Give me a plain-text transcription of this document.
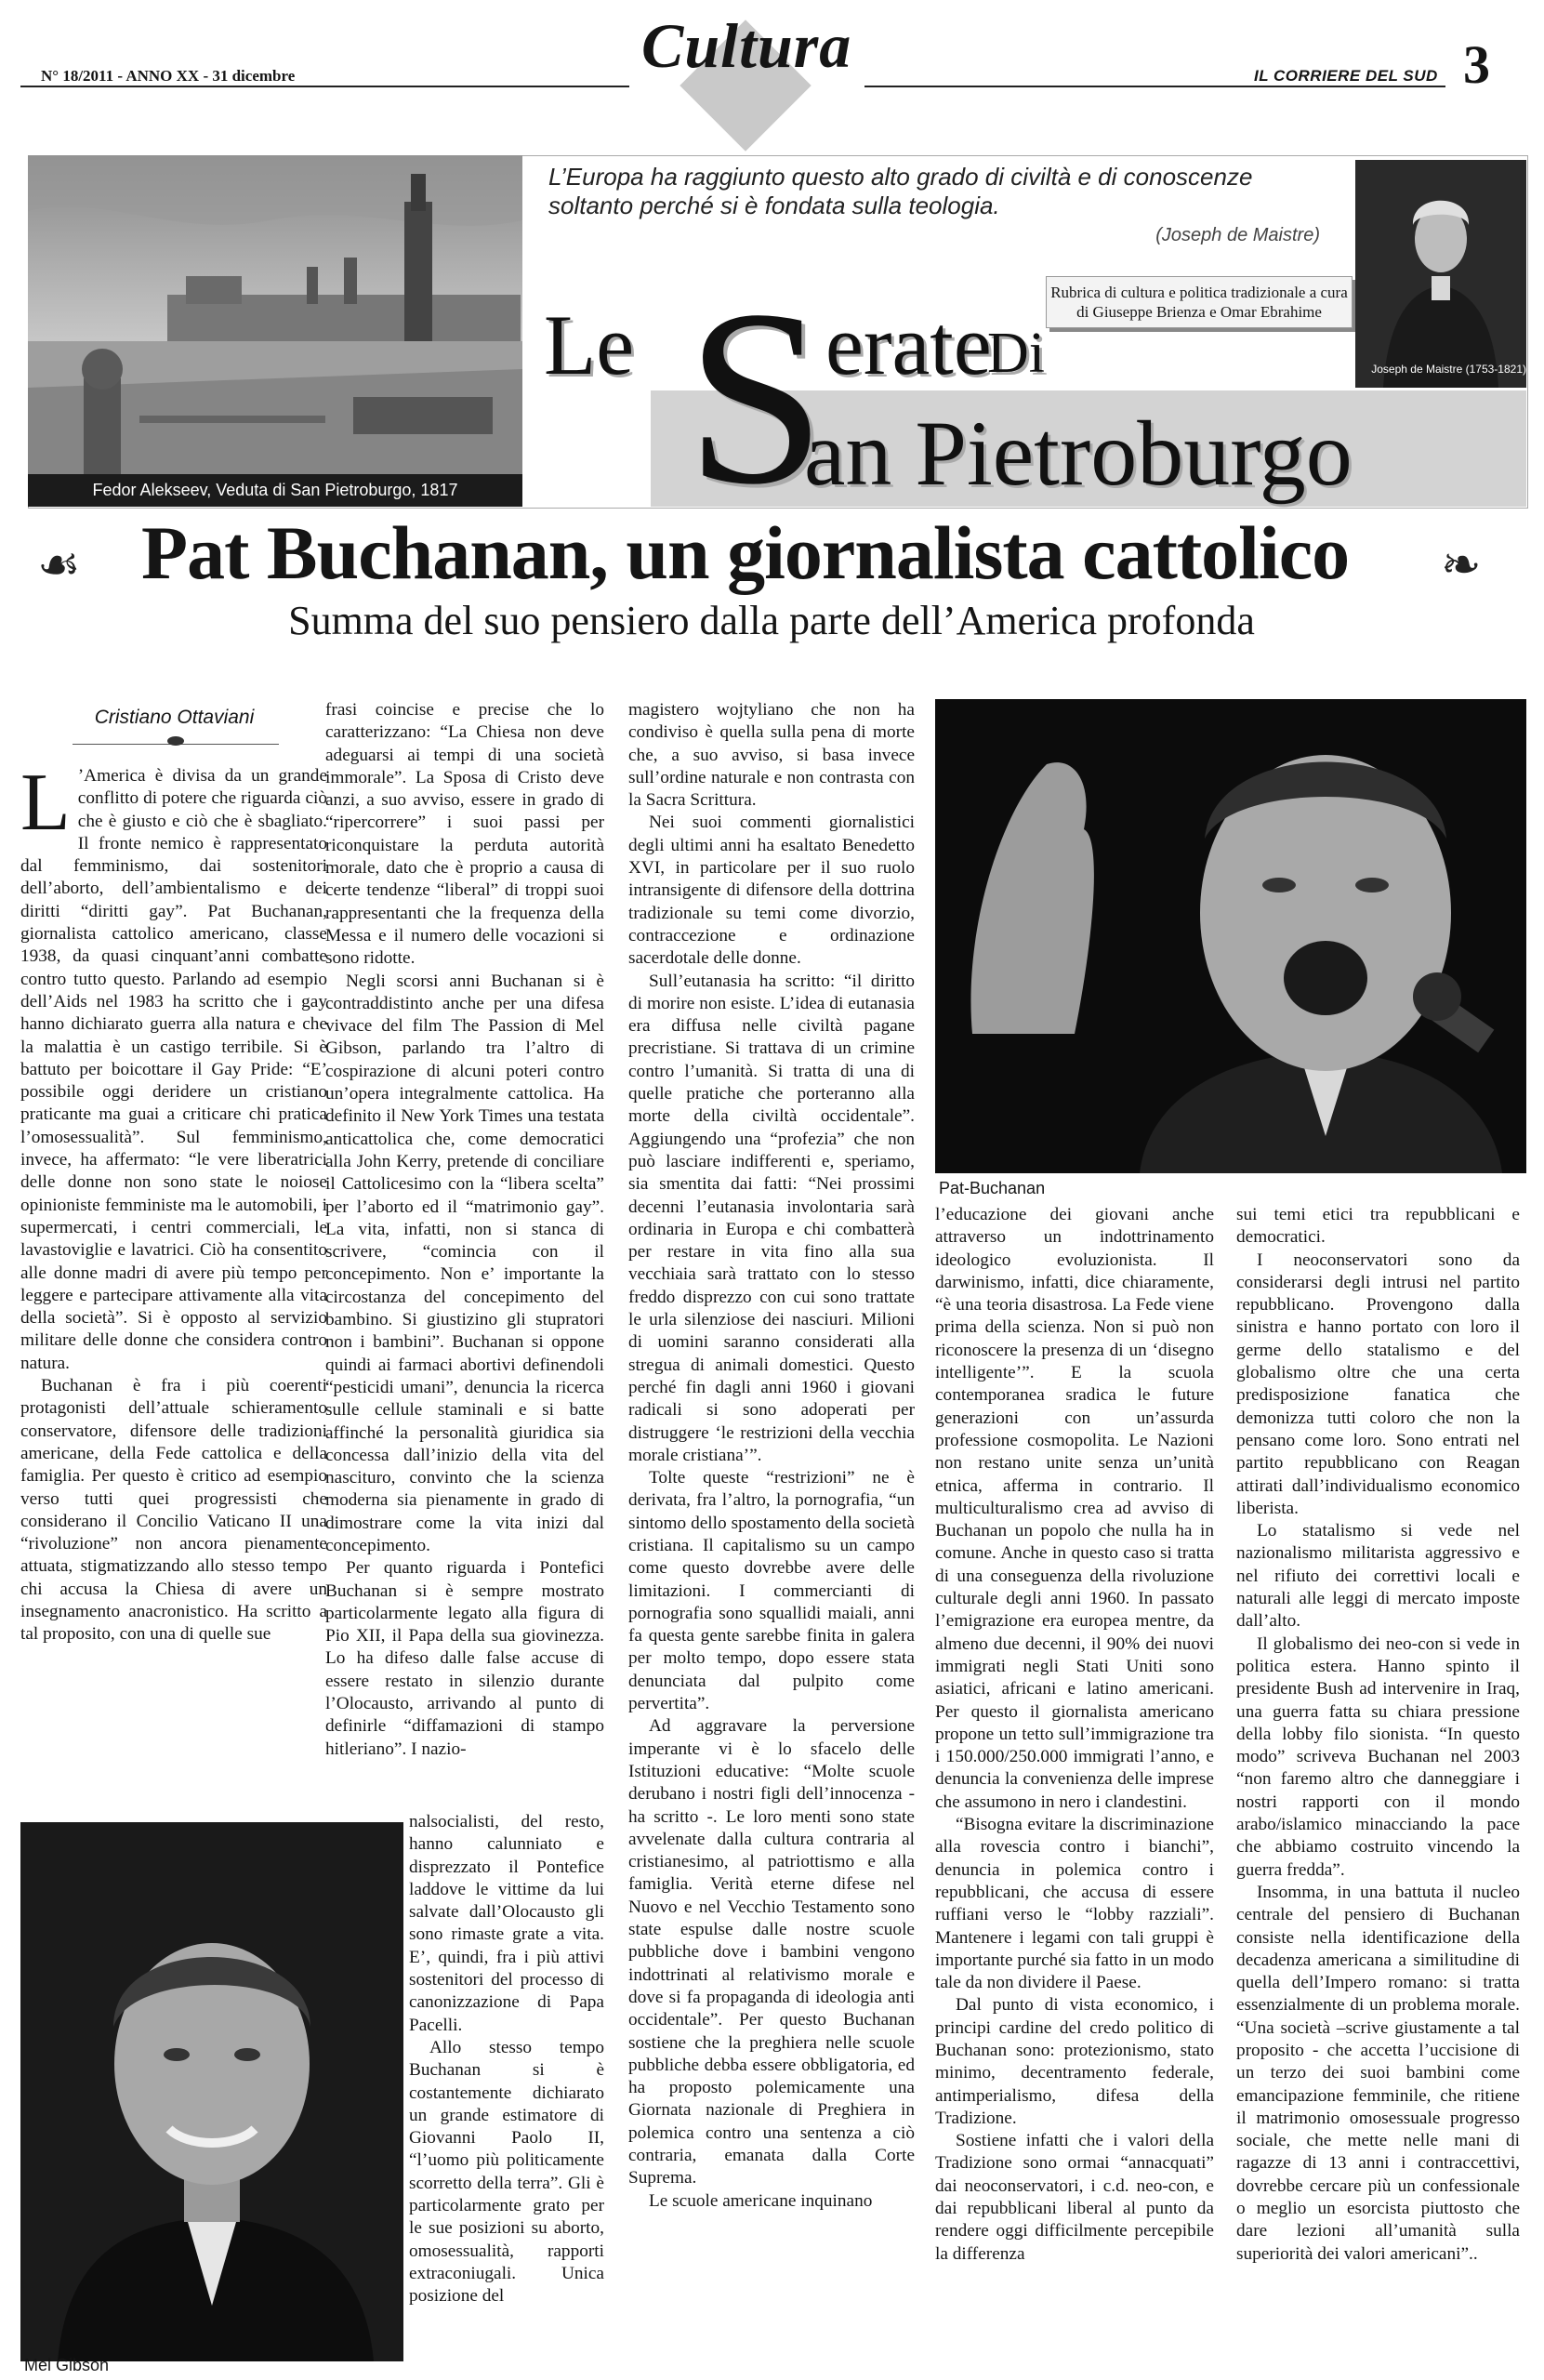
N° 18/2011 - ANNO XX - 31 dicembre	Cultura	IL CORRIERE DEL SUD 3
Fedor Alekseev, Veduta di San Pietroburgo, 1817
L’Europa ha raggiunto questo alto grado di civiltà e di conoscenze soltanto perché si è fondata sulla teologia.
(Joseph de Maistre)
Rubrica di cultura e politica tradizionale a cura di Giuseppe Brienza e Omar Ebrahime
Joseph de Maistre (1753-1821)
Le S erate
Di
an Pietroburgo
☙	❧
Pat Buchanan, un giornalista cattolico
Summa del suo pensiero dalla parte dell’America profonda
Cristiano Ottaviani

L ’America è divisa da un grande conflitto di potere che riguarda ciò che è giusto e ciò che è sbagliato. Il fronte nemico è rappresentato dal femminismo, dai sostenitori dell’aborto, dell’ambientalismo e dei diritti “diritti gay”. Pat Buchanan, giornalista cattolico americano, classe 1938, da quasi cinquant’anni combatte contro tutto questo. Parlando ad esempio dell’Aids nel 1983 ha scritto che i gay hanno dichiarato guerra alla natura e che la malattia è un castigo terribile. Si è battuto per boicottare il Gay Pride: “E’ possibile oggi deridere un cristiano praticante ma guai a criticare chi pratica l’omosessualità”. Sul femminismo, invece, ha affermato: “le vere liberatrici delle donne non sono state le noiose opinioniste femministe ma le automobili, i supermercati, i centri commerciali, le lavastoviglie e lavatrici. Ciò ha consentito alle donne madri di avere più tempo per leggere e partecipare attivamente alla vita della società”. Si è opposto al servizio militare delle donne che considera contro natura.

Buchanan è fra i più coerenti protagonisti dell’attuale schieramento conservatore, difensore delle tradizioni americane, della Fede cattolica e della famiglia. Per questo è critico ad esempio verso tutti quei progressisti che considerano il Concilio Vaticano II una “rivoluzione” non ancora pienamente attuata, stigmatizzando allo stesso tempo chi accusa la Chiesa di avere un insegnamento anacronistico. Ha scritto a tal proposito, con una di quelle sue

Mel Gibson

frasi coincise e precise che lo caratterizzano: “La Chiesa non deve adeguarsi ai tempi di una società immorale”. La Sposa di Cristo deve anzi, a suo avviso, essere in grado di “ripercorrere” i suoi passi per riconquistare la perduta autorità morale, dato che è proprio a causa di certe tendenze “liberal” di troppi suoi rappresentanti che la frequenza della Messa e il numero delle vocazioni si sono ridotte.

Negli scorsi anni Buchanan si è contraddistinto anche per una difesa vivace del film The Passion di Mel Gibson, parlando tra l’altro di cospirazione di alcuni poteri contro un’opera integralmente cattolica. Ha definito il New York Times una testata anticattolica che, come democratici alla John Kerry, pretende di conciliare il Cattolicesimo con la “libera scelta” per l’aborto ed il “matrimonio gay”. La vita, infatti, non si stanca di scrivere, “comincia con il concepimento. Non e’ importante la circostanza del concepimento del bambino. Si giustizino gli stupratori non i bambini”. Buchanan si oppone quindi ai farmaci abortivi definendoli “pesticidi umani”, denuncia la ricerca sulle cellule staminali e si batte affinché la personalità giuridica sia concessa dall’inizio della vita del nascituro, convinto che la scienza moderna sia pienamente in grado di dimostrare come la vita inizi dal concepimento.

Per quanto riguarda i Pontefici Buchanan si è sempre mostrato particolarmente legato alla figura di Pio XII, il Papa della sua giovinezza. Lo ha difeso dalle false accuse di essere restato in silenzio durante l’Olocausto, arrivando al punto di definirle “diffamazioni di stampo hitleriano”. I nazio-

nalsocialisti, del resto, hanno calunniato e disprezzato il Pontefice laddove le vittime da lui salvate dall’Olocausto gli sono rimaste grate a vita. E’, quindi, fra i più attivi sostenitori del processo di canonizzazione di Papa Pacelli.

Allo stesso tempo Buchanan si è costantemente dichiarato un grande estimatore di Giovanni Paolo II, “l’uomo più politicamente scorretto della terra”. Gli è particolarmente grato per le sue posizioni su aborto, omosessualità, rapporti extraconiugali. Unica posizione del

magistero wojtyliano che non ha condiviso è quella sulla pena di morte che, a suo avviso, si basa invece sull’ordine naturale e non contrasta con la Sacra Scrittura.

Nei suoi commenti giornalistici degli ultimi anni ha esaltato Benedetto XVI, in particolare per il suo ruolo intransigente di difensore della dottrina tradizionale su temi come divorzio, contraccezione e ordinazione sacerdotale delle donne.

Sull’eutanasia ha scritto: “il diritto di morire non esiste. L’idea di eutanasia era diffusa nelle civiltà pagane precristiane. Si trattava di un crimine contro l’umanità. Si tratta di una di quelle pratiche che porteranno alla morte della civiltà occidentale”. Aggiungendo una “profezia” che non può lasciare indifferenti e, speriamo, sia smentita dai fatti: “Nei prossimi decenni l’eutanasia involontaria sarà ordinaria in Europa e chi combatterà per restare in vita fino alla sua vecchiaia sarà trattato con lo stesso freddo disprezzo con cui sono trattate le urla silenziose dei nasciuri. Milioni di uomini saranno considerati alla stregua di animali domestici. Questo perché fin dagli anni 1960 i giovani radicali si sono adoperati per distruggere ‘le restrizioni della vecchia morale cristiana’”.

Tolte queste “restrizioni” ne è derivata, fra l’altro, la pornografia, “un sintomo dello spostamento della società cristiana. Il capitalismo su un campo come questo dovrebbe avere delle limitazioni. I commercianti di pornografia sono squallidi maiali, anni fa questa gente sarebbe finita in galera per molto tempo, dopo essere stata denunciata dal pulpito come pervertita”.

Ad aggravare la perversione imperante vi è lo sfacelo delle Istituzioni educative: “Molte scuole derubano i nostri figli dell’innocenza - ha scritto -. Le loro menti sono state avvelenate dalla cultura contraria al cristianesimo, al patriottismo e alla famiglia. Verità eterne difese nel Nuovo e nel Vecchio Testamento sono state espulse dalle nostre scuole pubbliche dove i bambini vengono indottrinati al relativismo morale e dove si fa propaganda di ideologia anti occidentale”. Per questo Buchanan sostiene che la preghiera nelle scuole pubbliche debba essere obbligatoria, ed ha proposto polemicamente una Giornata nazionale di Preghiera in polemica contro una sentenza a ciò contraria, emanata dalla Corte Suprema.

Le scuole americane inquinano

Pat-Buchanan

l’educazione dei giovani anche attraverso un indottrinamento ideologico evoluzionista. Il darwinismo, infatti, dice chiaramente, “è una teoria disastrosa. La Fede viene prima della scienza. Non si può non riconoscere la presenza di un ‘disegno intelligente’”. E la scuola contemporanea sradica le future generazioni con un’assurda professione cosmopolita. Le Nazioni non restano unite senza un’unità etnica, afferma in contrario. Il multiculturalismo crea ad avviso di Buchanan un popolo che nulla ha in comune. Anche in questo caso si tratta di una conseguenza della rivoluzione culturale degli anni 1960. In passato l’emigrazione era europea mentre, da almeno due decenni, il 90% dei nuovi immigrati negli Stati Uniti sono asiatici, africani e latino americani. Per questo il giornalista americano propone un tetto sull’immigrazione tra i 150.000/250.000 immigrati l’anno, e denuncia la convenienza delle imprese che assumono in nero i clandestini.

“Bisogna evitare la discriminazione alla rovescia contro i bianchi”, denuncia in polemica contro i repubblicani, che accusa di essere ruffiani verso le “lobby razziali”. Mantenere i legami con tali gruppi è importante purché sia fatto in un modo tale da non dividere il Paese.

Dal punto di vista economico, i principi cardine del credo politico di Buchanan sono: protezionismo, stato minimo, decentramento federale, antimperialismo, difesa della Tradizione.

Sostiene infatti che i valori della Tradizione sono ormai “annacquati” dai neoconservatori, i c.d. neo-con, e dai repubblicani liberal al punto da rendere oggi difficilmente percepibile la differenza

sui temi etici tra repubblicani e democratici.

I neoconservatori sono da considerarsi degli intrusi nel partito repubblicano. Provengono dalla sinistra e hanno portato con loro il germe dello statalismo e del globalismo oltre che una certa predisposizione fanatica che demonizza tutti coloro che non la pensano come loro. Sono entrati nel partito repubblicano con Reagan attirati dall’individualismo economico liberista.

Lo statalismo si vede nel nazionalismo militarista aggressivo e nel rifiuto dei correttivi locali e naturali alle leggi di mercato imposte dall’alto.

Il globalismo dei neo-con si vede in politica estera. Hanno spinto il presidente Bush ad intervenire in Iraq, una guerra fatta su chiara pressione della lobby filo sionista. “In questo modo” scriveva Buchanan nel 2003 “non faremo altro che danneggiare i nostri rapporti con il mondo arabo/islamico minacciando la pace che abbiamo costruito vincendo la guerra fredda”.

Insomma, in una battuta il nucleo centrale del pensiero di Buchanan consiste nella identificazione della decadenza americana a similitudine di quella dell’Impero romano: si tratta essenzialmente di un problema morale. “Una società –scrive giustamente a tal proposito - che accetta l’uccisione di un terzo dei suoi bambini come emancipazione femminile, che ritiene il matrimonio omosessuale progresso sociale, che mette nelle mani di ragazze di 13 anni i contraccettivi, dovrebbe cercare più un confessionale o meglio un esorcista piuttosto che dare lezioni all’umanità sulla superiorità dei valori americani”..
